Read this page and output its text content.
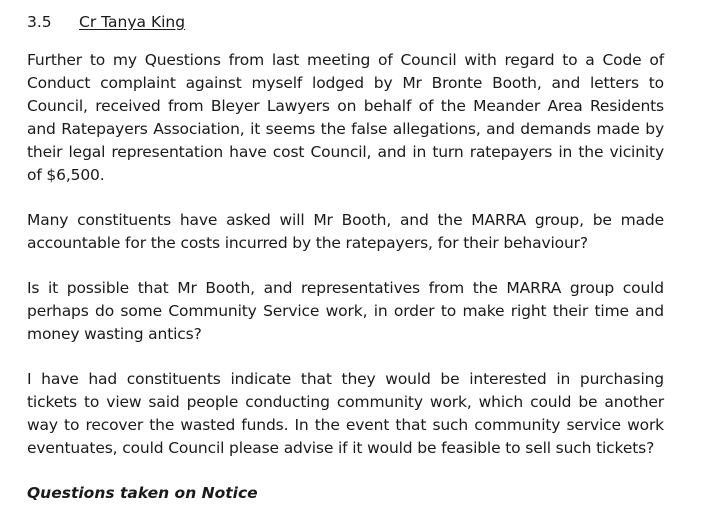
3.5 Cr Tanya King

Further to my Questions from last meeting of Council with regard to a Code of Conduct complaint against myself lodged by Mr Bronte Booth, and letters to Council, received from Bleyer Lawyers on behalf of the Meander Area Residents and Ratepayers Association, it seems the false allegations, and demands made by their legal representation have cost Council, and in turn ratepayers in the vicinity of $6,500.

Many constituents have asked will Mr Booth, and the MARRA group, be made accountable for the costs incurred by the ratepayers, for their behaviour?

Is it possible that Mr Booth, and representatives from the MARRA group could perhaps do some Community Service work, in order to make right their time and money wasting antics?

I have had constituents indicate that they would be interested in purchasing tickets to view said people conducting community work, which could be another way to recover the wasted funds. In the event that such community service work eventuates, could Council please advise if it would be feasible to sell such tickets?

Questions taken on Notice
